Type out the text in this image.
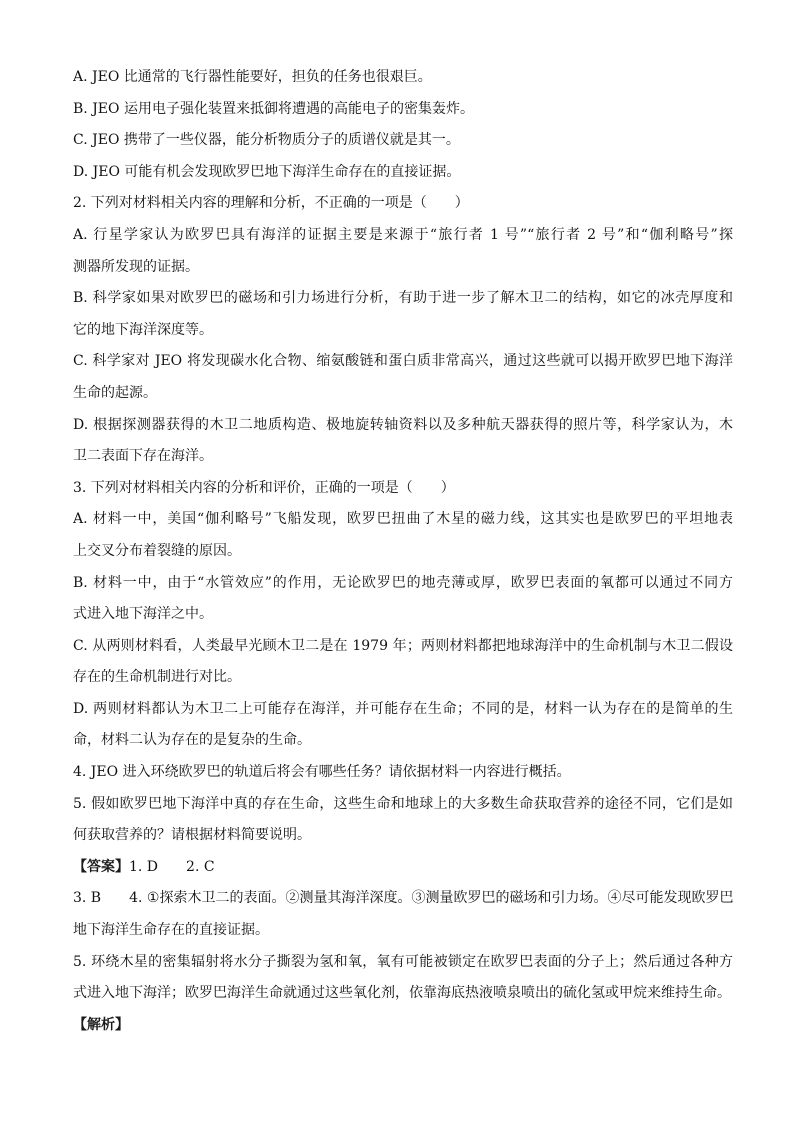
A. JEO 比通常的飞行器性能要好，担负的任务也很艰巨。
B. JEO 运用电子强化装置来抵御将遭遇的高能电子的密集轰炸。
C. JEO 携带了一些仪器，能分析物质分子的质谱仪就是其一。
D. JEO 可能有机会发现欧罗巴地下海洋生命存在的直接证据。
2. 下列对材料相关内容的理解和分析，不正确的一项是（　　）
A. 行星学家认为欧罗巴具有海洋的证据主要是来源于“旅行者 1 号”“旅行者 2 号”和“伽利略号”探
测器所发现的证据。
B. 科学家如果对欧罗巴的磁场和引力场进行分析，有助于进一步了解木卫二的结构，如它的冰壳厚度和
它的地下海洋深度等。
C. 科学家对 JEO 将发现碳水化合物、缩氨酸链和蛋白质非常高兴，通过这些就可以揭开欧罗巴地下海洋
生命的起源。
D. 根据探测器获得的木卫二地质构造、极地旋转轴资料以及多种航天器获得的照片等，科学家认为，木
卫二表面下存在海洋。
3. 下列对材料相关内容的分析和评价，正确的一项是（　　）
A. 材料一中，美国“伽利略号”飞船发现，欧罗巴扭曲了木星的磁力线，这其实也是欧罗巴的平坦地表
上交叉分布着裂缝的原因。
B. 材料一中，由于“水管效应”的作用，无论欧罗巴的地壳薄或厚，欧罗巴表面的氧都可以通过不同方
式进入地下海洋之中。
C. 从两则材料看，人类最早光顾木卫二是在 1979 年；两则材料都把地球海洋中的生命机制与木卫二假设
存在的生命机制进行对比。
D. 两则材料都认为木卫二上可能存在海洋，并可能存在生命；不同的是，材料一认为存在的是简单的生
命，材料二认为存在的是复杂的生命。
4. JEO 进入环绕欧罗巴的轨道后将会有哪些任务？请依据材料一内容进行概括。
5. 假如欧罗巴地下海洋中真的存在生命，这些生命和地球上的大多数生命获取营养的途径不同，它们是如
何获取营养的？请根据材料简要说明。
【答案】1. D 2. C
3. B 4. ①探索木卫二的表面。②测量其海洋深度。③测量欧罗巴的磁场和引力场。④尽可能发现欧罗巴
地下海洋生命存在的直接证据。
5. 环绕木星的密集辐射将水分子撕裂为氢和氧，氧有可能被锁定在欧罗巴表面的分子上；然后通过各种方
式进入地下海洋；欧罗巴海洋生命就通过这些氧化剂，依靠海底热液喷泉喷出的硫化氢或甲烷来维持生命。
【解析】
